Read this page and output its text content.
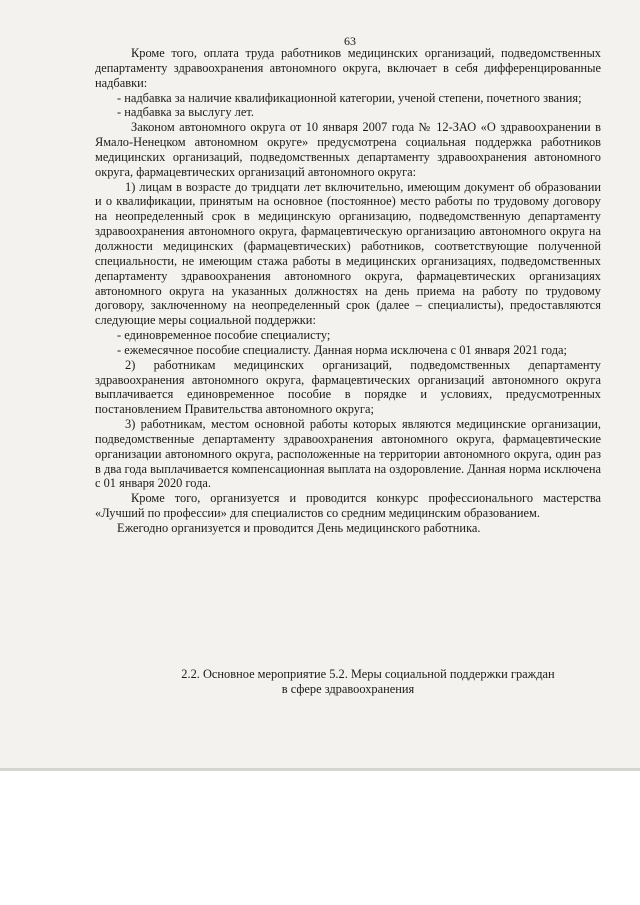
63

Кроме того, оплата труда работников медицинских организаций, подведомственных департаменту здравоохранения автономного округа, включает в себя дифференцированные надбавки:

- надбавка за наличие квалификационной категории, ученой степени, почетного звания;

- надбавка за выслугу лет.

Законом автономного округа от 10 января 2007 года № 12-ЗАО «О здравоохранении в Ямало-Ненецком автономном округе» предусмотрена социальная поддержка работников медицинских организаций, подведомственных департаменту здравоохранения автономного округа, фармацевтических организаций автономного округа:

1) лицам в возрасте до тридцати лет включительно, имеющим документ об образовании и о квалификации, принятым на основное (постоянное) место работы по трудовому договору на неопределенный срок в медицинскую организацию, подведомственную департаменту здравоохранения автономного округа, фармацевтическую организацию автономного округа на должности медицинских (фармацевтических) работников, соответствующие полученной специальности, не имеющим стажа работы в медицинских организациях, подведомственных департаменту здравоохранения автономного округа, фармацевтических организациях автономного округа на указанных должностях на день приема на работу по трудовому договору, заключенному на неопределенный срок (далее – специалисты), предоставляются следующие меры социальной поддержки:

- единовременное пособие специалисту;

- ежемесячное пособие специалисту. Данная норма исключена с 01 января 2021 года;

2) работникам медицинских организаций, подведомственных департаменту здравоохранения автономного округа, фармацевтических организаций автономного округа выплачивается единовременное пособие в порядке и условиях, предусмотренных постановлением Правительства автономного округа;

3) работникам, местом основной работы которых являются медицинские организации, подведомственные департаменту здравоохранения автономного округа, фармацевтические организации автономного округа, расположенные на территории автономного округа, один раз в два года выплачивается компенсационная выплата на оздоровление. Данная норма исключена с 01 января 2020 года.

Кроме того, организуется и проводится конкурс профессионального мастерства «Лучший по профессии» для специалистов со средним медицинским образованием.

Ежегодно организуется и проводится День медицинского работника.

2.2. Основное мероприятие 5.2. Меры социальной поддержки граждан
в сфере здравоохранения
